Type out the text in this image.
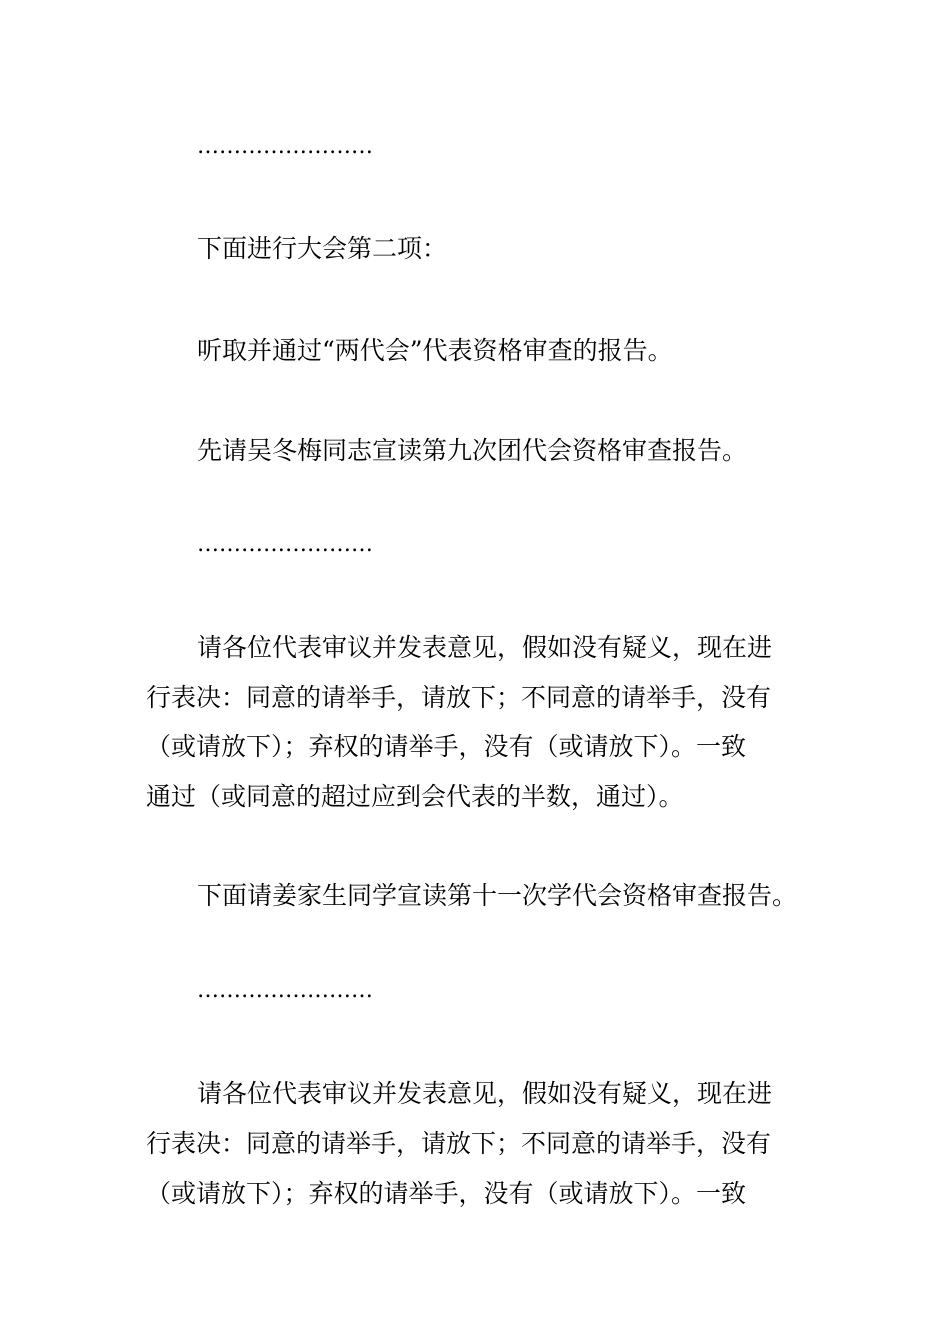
……………………
下面进行大会第二项：
听取并通过“两代会”代表资格审查的报告。
先请吴冬梅同志宣读第九次团代会资格审查报告。
……………………
请各位代表审议并发表意见，假如没有疑义，现在进
行表决：同意的请举手，请放下；不同意的请举手，没有
（或请放下）；弃权的请举手，没有（或请放下）。一致
通过（或同意的超过应到会代表的半数，通过）。
下面请姜家生同学宣读第十一次学代会资格审查报告。
……………………
请各位代表审议并发表意见，假如没有疑义，现在进
行表决：同意的请举手，请放下；不同意的请举手，没有
（或请放下）；弃权的请举手，没有（或请放下）。一致
